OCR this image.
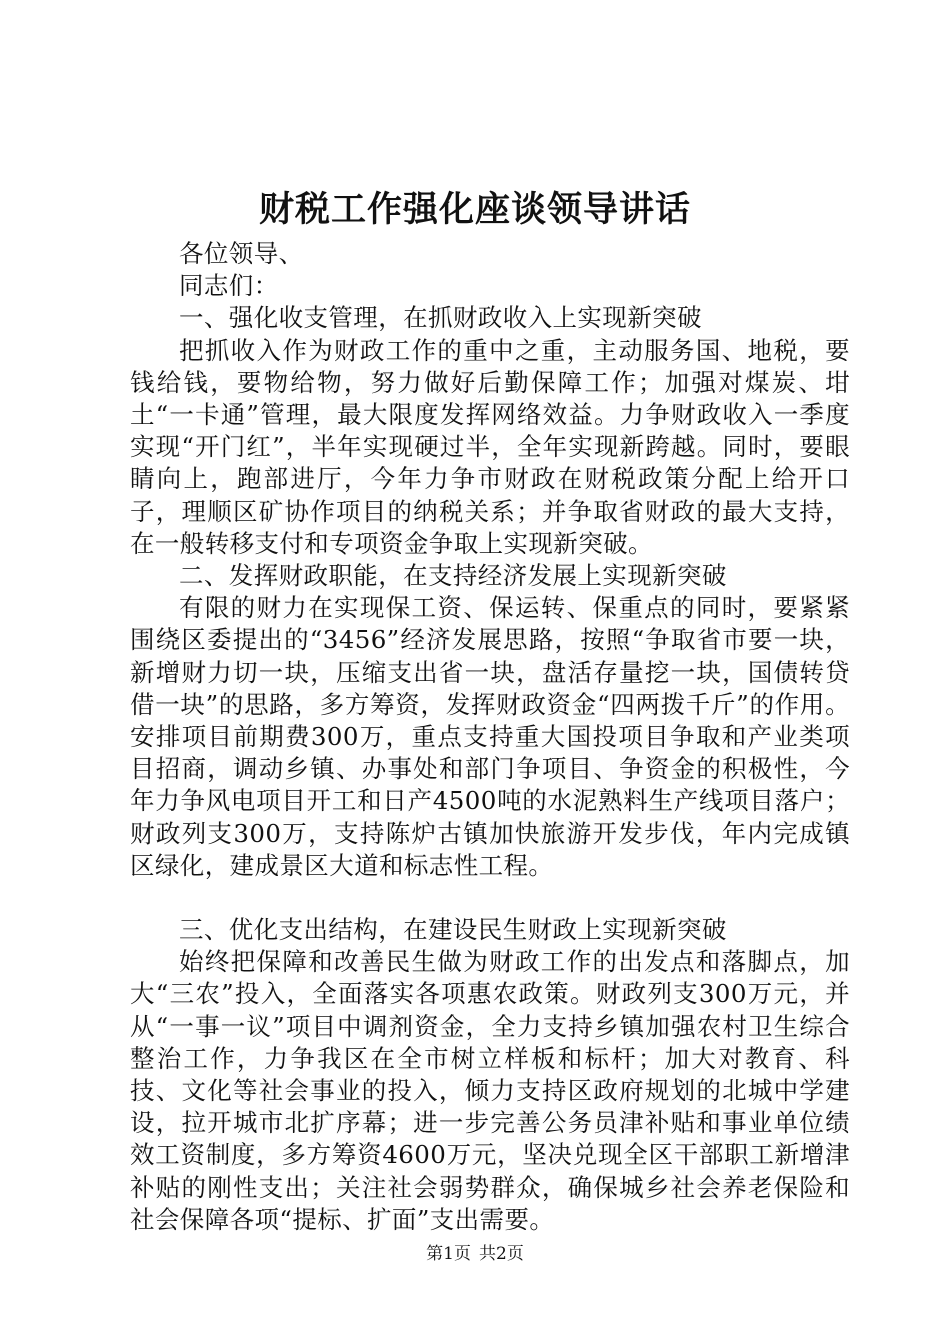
财税工作强化座谈领导讲话

各位领导、

同志们：

一、强化收支管理，在抓财政收入上实现新突破

把抓收入作为财政工作的重中之重，主动服务国、地税，要钱给钱，要物给物，努力做好后勤保障工作；加强对煤炭、坩土“一卡通”管理，最大限度发挥网络效益。力争财政收入一季度实现“开门红”，半年实现硬过半，全年实现新跨越。同时，要眼睛向上，跑部进厅，今年力争市财政在财税政策分配上给开口子，理顺区矿协作项目的纳税关系；并争取省财政的最大支持，在一般转移支付和专项资金争取上实现新突破。

二、发挥财政职能，在支持经济发展上实现新突破

有限的财力在实现保工资、保运转、保重点的同时，要紧紧围绕区委提出的“3456”经济发展思路，按照“争取省市要一块，新增财力切一块，压缩支出省一块，盘活存量挖一块，国债转贷借一块”的思路，多方筹资，发挥财政资金“四两拨千斤”的作用。安排项目前期费300万，重点支持重大国投项目争取和产业类项目招商，调动乡镇、办事处和部门争项目、争资金的积极性，今年力争风电项目开工和日产4500吨的水泥熟料生产线项目落户；财政列支300万，支持陈炉古镇加快旅游开发步伐，年内完成镇区绿化，建成景区大道和标志性工程。

三、优化支出结构，在建设民生财政上实现新突破

始终把保障和改善民生做为财政工作的出发点和落脚点，加大“三农”投入，全面落实各项惠农政策。财政列支300万元，并从“一事一议”项目中调剂资金，全力支持乡镇加强农村卫生综合整治工作，力争我区在全市树立样板和标杆；加大对教育、科技、文化等社会事业的投入，倾力支持区政府规划的北城中学建设，拉开城市北扩序幕；进一步完善公务员津补贴和事业单位绩效工资制度，多方筹资4600万元，坚决兑现全区干部职工新增津补贴的刚性支出；关注社会弱势群众，确保城乡社会养老保险和社会保障各项“提标、扩面”支出需要。

第1页 共2页
